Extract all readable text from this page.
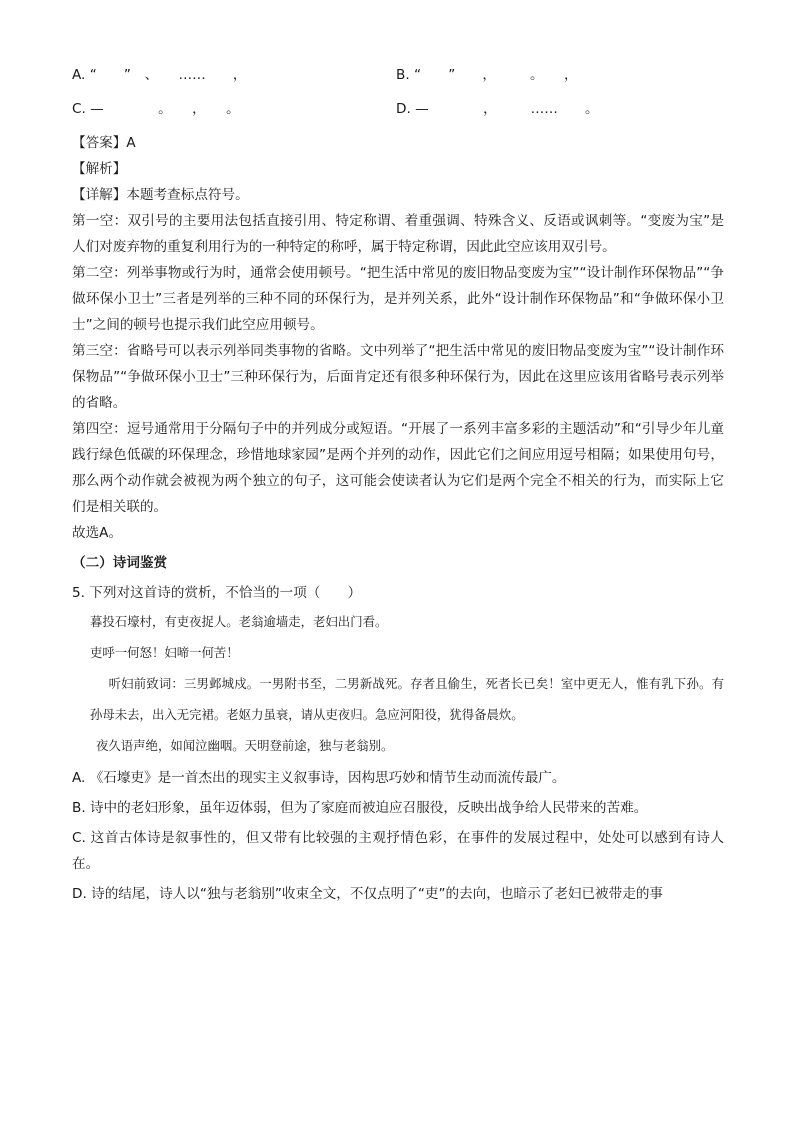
A. “　　”　、　　……　　，	B. “　　”　　，　　　。　　，
C. —　　　　。　　，　　。	D. —　　　　，　　　……　　。
【答案】A
【解析】
【详解】本题考查标点符号。
第一空：双引号的主要用法包括直接引用、特定称谓、着重强调、特殊含义、反语或讽刺等。“变废为宝”是人们对废弃物的重复利用行为的一种特定的称呼，属于特定称谓，因此此空应该用双引号。
第二空：列举事物或行为时，通常会使用顿号。“把生活中常见的废旧物品变废为宝”“设计制作环保物品”“争做环保小卫士”三者是列举的三种不同的环保行为，是并列关系，此外“设计制作环保物品”和“争做环保小卫士”之间的顿号也提示我们此空应用顿号。
第三空：省略号可以表示列举同类事物的省略。文中列举了“把生活中常见的废旧物品变废为宝”“设计制作环保物品”“争做环保小卫士”三种环保行为，后面肯定还有很多种环保行为，因此在这里应该用省略号表示列举的省略。
第四空：逗号通常用于分隔句子中的并列成分或短语。“开展了一系列丰富多彩的主题活动”和“引导少年儿童践行绿色低碳的环保理念，珍惜地球家园”是两个并列的动作，因此它们之间应用逗号相隔；如果使用句号，那么两个动作就会被视为两个独立的句子，这可能会使读者认为它们是两个完全不相关的行为，而实际上它们是相关联的。
故选A。
（二）诗词鉴赏
5. 下列对这首诗的赏析，不恰当的一项（　　）
暮投石壕村，有吏夜捉人。老翁逾墙走，老妇出门看。
吏呼一何怒！妇啼一何苦！
听妇前致词：三男邺城戍。一男附书至，二男新战死。存者且偷生，死者长已矣！室中更无人，惟有乳下孙。有孙母未去，出入无完裙。老妪力虽衰，请从吏夜归。急应河阳役，犹得备晨炊。
夜久语声绝，如闻泣幽咽。天明登前途，独与老翁别。
A. 《石壕吏》是一首杰出的现实主义叙事诗，因构思巧妙和情节生动而流传最广。
B. 诗中的老妇形象，虽年迈体弱，但为了家庭而被迫应召服役，反映出战争给人民带来的苦难。
C. 这首古体诗是叙事性的，但又带有比较强的主观抒情色彩，在事件的发展过程中，处处可以感到有诗人在。
D. 诗的结尾，诗人以“独与老翁别”收束全文，不仅点明了“吏”的去向，也暗示了老妇已被带走的事
